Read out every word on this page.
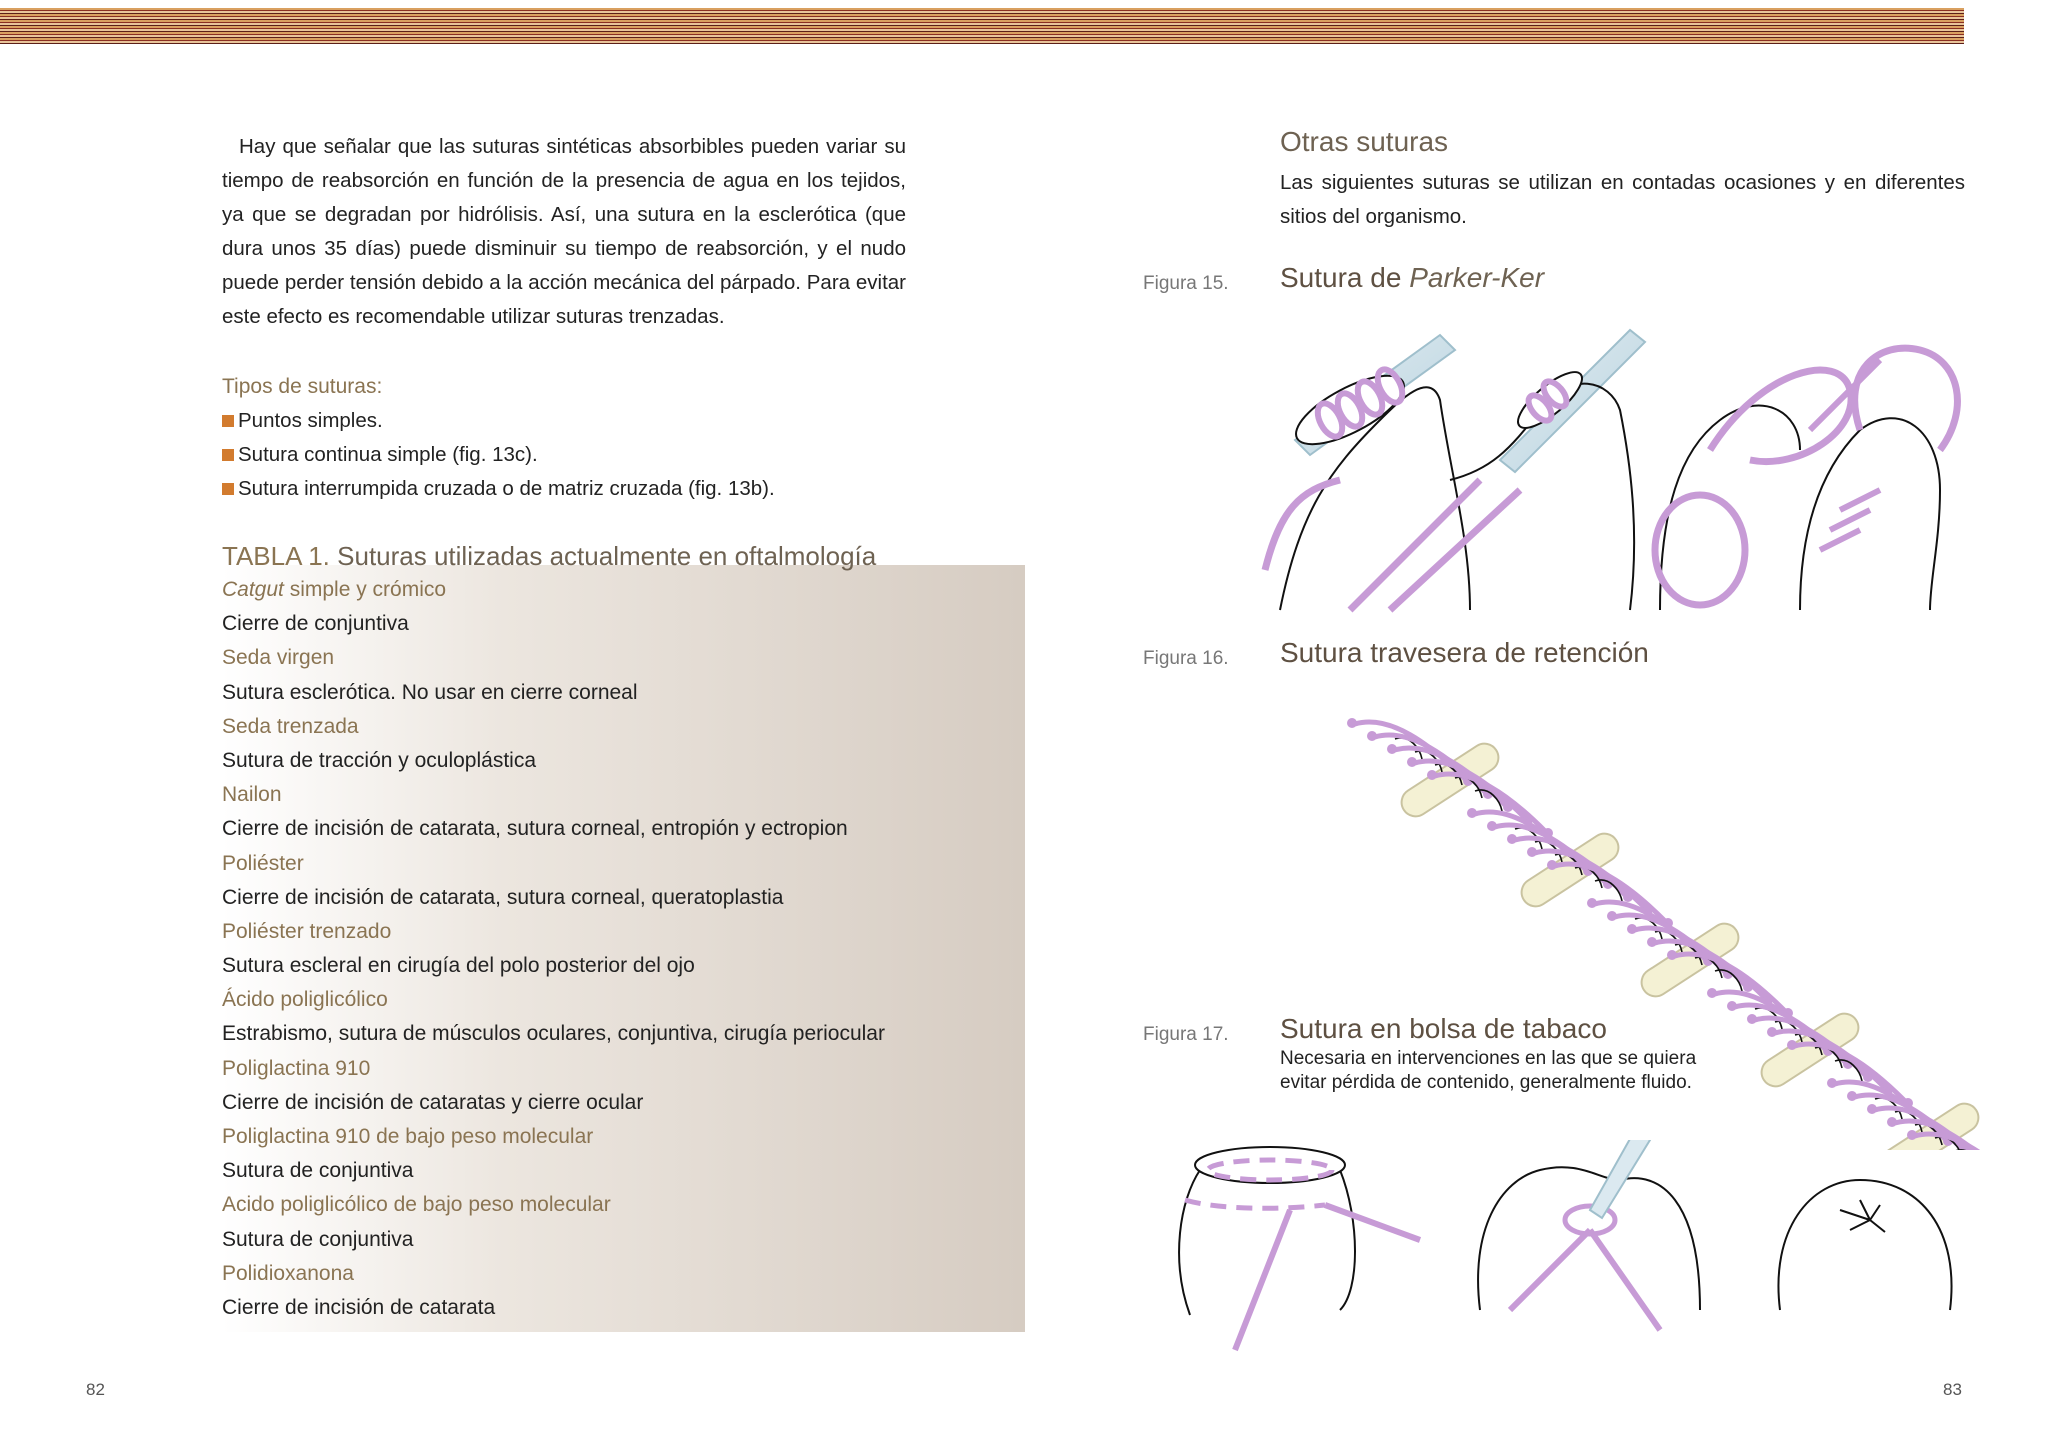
Hay que señalar que las suturas sintéticas absorbibles pueden variar su tiempo de reabsorción en función de la presencia de agua en los tejidos, ya que se degradan por hidrólisis. Así, una sutura en la esclerótica (que dura unos 35 días) puede disminuir su tiempo de reabsorción, y el nudo puede perder tensión debido a la acción mecánica del párpado. Para evitar este efecto es recomendable utilizar suturas trenzadas.

Tipos de suturas:
Puntos simples.
Sutura continua simple (fig. 13c).
Sutura interrumpida cruzada o de matriz cruzada (fig. 13b).
TABLA 1. Suturas utilizadas actualmente en oftalmología
Catgut simple y crómico
Cierre de conjuntiva
Seda virgen
Sutura esclerótica. No usar en cierre corneal
Seda trenzada
Sutura de tracción y oculoplástica
Nailon
Cierre de incisión de catarata, sutura corneal, entropión y ectropion
Poliéster
Cierre de incisión de catarata, sutura corneal, queratoplastia
Poliéster trenzado
Sutura escleral en cirugía del polo posterior del ojo
Ácido poliglicólico
Estrabismo, sutura de músculos oculares, conjuntiva, cirugía periocular
Poliglactina 910
Cierre de incisión de cataratas y cierre ocular
Poliglactina 910 de bajo peso molecular
Sutura de conjuntiva
Acido poliglicólico de bajo peso molecular
Sutura de conjuntiva
Polidioxanona
Cierre de incisión de catarata
82
Otras suturas
Las siguientes suturas se utilizan en contadas ocasiones y en diferentes sitios del organismo.
Figura 15. Sutura de Parker-Ker
Figura 16. Sutura travesera de retención
Figura 17. Sutura en bolsa de tabaco
Necesaria en intervenciones en las que se quiera evitar pérdida de contenido, generalmente fluido.
83
